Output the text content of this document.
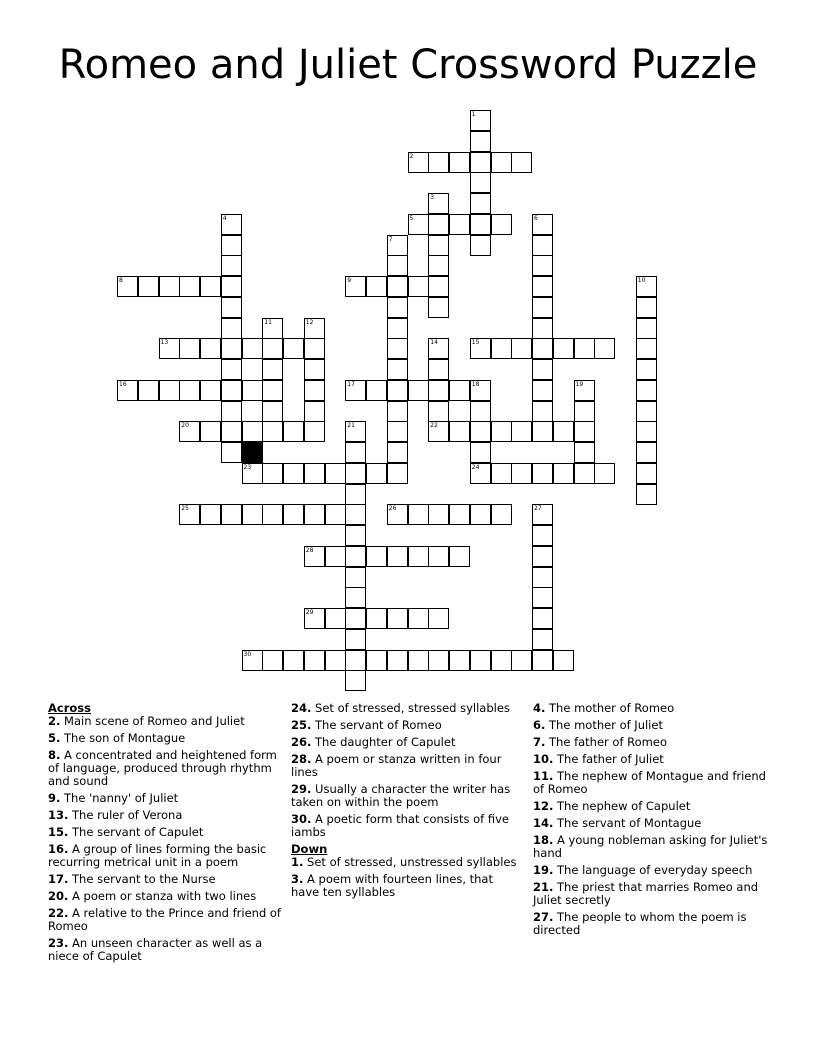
Romeo and Juliet Crossword Puzzle
1
2
3
4	5	6
7
8	9	10
11	12
13	14	15
16	17	18
24
19
20	21	22
23
25	26	27
28
29
30

Across

2. Main scene of Romeo and Juliet

5. The son of Montague

8. A concentrated and heightened form of language, produced through rhythm and sound

9. The 'nanny' of Juliet

13. The ruler of Verona

15. The servant of Capulet

16. A group of lines forming the basic recurring metrical unit in a poem

17. The servant to the Nurse

20. A poem or stanza with two lines

22. A relative to the Prince and friend of Romeo

23. An unseen character as well as a niece of Capulet

24. Set of stressed, stressed syllables

25. The servant of Romeo

26. The daughter of Capulet

28. A poem or stanza written in four lines

29. Usually a character the writer has taken on within the poem

30. A poetic form that consists of five iambs

Down

1. Set of stressed, unstressed syllables

3. A poem with fourteen lines, that have ten syllables

4. The mother of Romeo

6. The mother of Juliet

7. The father of Romeo

10. The father of Juliet

11. The nephew of Montague and friend of Romeo

12. The nephew of Capulet

14. The servant of Montague

18. A young nobleman asking for Juliet's hand

19. The language of everyday speech

21. The priest that marries Romeo and Juliet secretly

27. The people to whom the poem is directed
